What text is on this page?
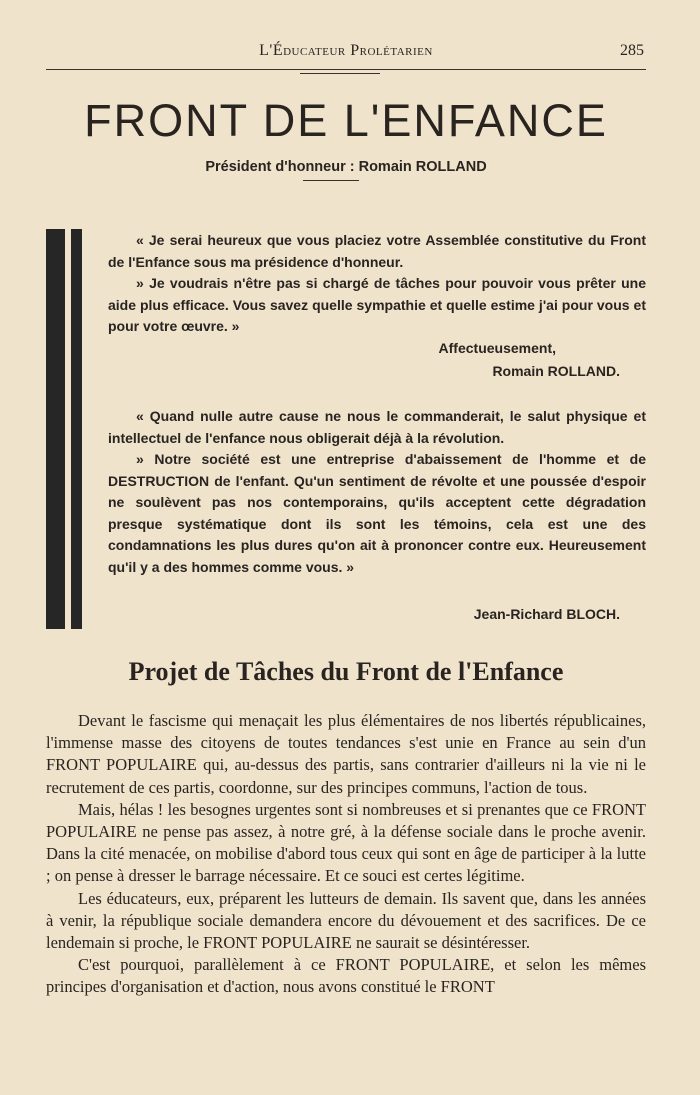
L'Éducateur Prolétarien	285
FRONT DE L'ENFANCE
Président d'honneur : Romain ROLLAND

« Je serai heureux que vous placiez votre Assemblée constitutive du Front de l'Enfance sous ma présidence d'honneur.

» Je voudrais n'être pas si chargé de tâches pour pouvoir vous prêter une aide plus efficace. Vous savez quelle sympathie et quelle estime j'ai pour vous et pour votre œuvre. »

Affectueusement,
Romain ROLLAND.

« Quand nulle autre cause ne nous le commanderait, le salut physique et intellectuel de l'enfance nous obligerait déjà à la révolution.

» Notre société est une entreprise d'abaissement de l'homme et de DESTRUCTION de l'enfant. Qu'un sentiment de révolte et une poussée d'espoir ne soulèvent pas nos contemporains, qu'ils acceptent cette dégradation presque systématique dont ils sont les témoins, cela est une des condamnations les plus dures qu'on ait à prononcer contre eux. Heureusement qu'il y a des hommes comme vous. »

Jean-Richard BLOCH.
Projet de Tâches du Front de l'Enfance

Devant le fascisme qui menaçait les plus élémentaires de nos libertés républicaines, l'immense masse des citoyens de toutes tendances s'est unie en France au sein d'un FRONT POPULAIRE qui, au-dessus des partis, sans contrarier d'ailleurs ni la vie ni le recrutement de ces partis, coordonne, sur des principes communs, l'action de tous.

Mais, hélas ! les besognes urgentes sont si nombreuses et si prenantes que ce FRONT POPULAIRE ne pense pas assez, à notre gré, à la défense sociale dans le proche avenir. Dans la cité menacée, on mobilise d'abord tous ceux qui sont en âge de participer à la lutte ; on pense à dresser le barrage nécessaire. Et ce souci est certes légitime.

Les éducateurs, eux, préparent les lutteurs de demain. Ils savent que, dans les années à venir, la république sociale demandera encore du dévouement et des sacrifices. De ce lendemain si proche, le FRONT POPULAIRE ne saurait se désintéresser.

C'est pourquoi, parallèlement à ce FRONT POPULAIRE, et selon les mêmes principes d'organisation et d'action, nous avons constitué le FRONT
